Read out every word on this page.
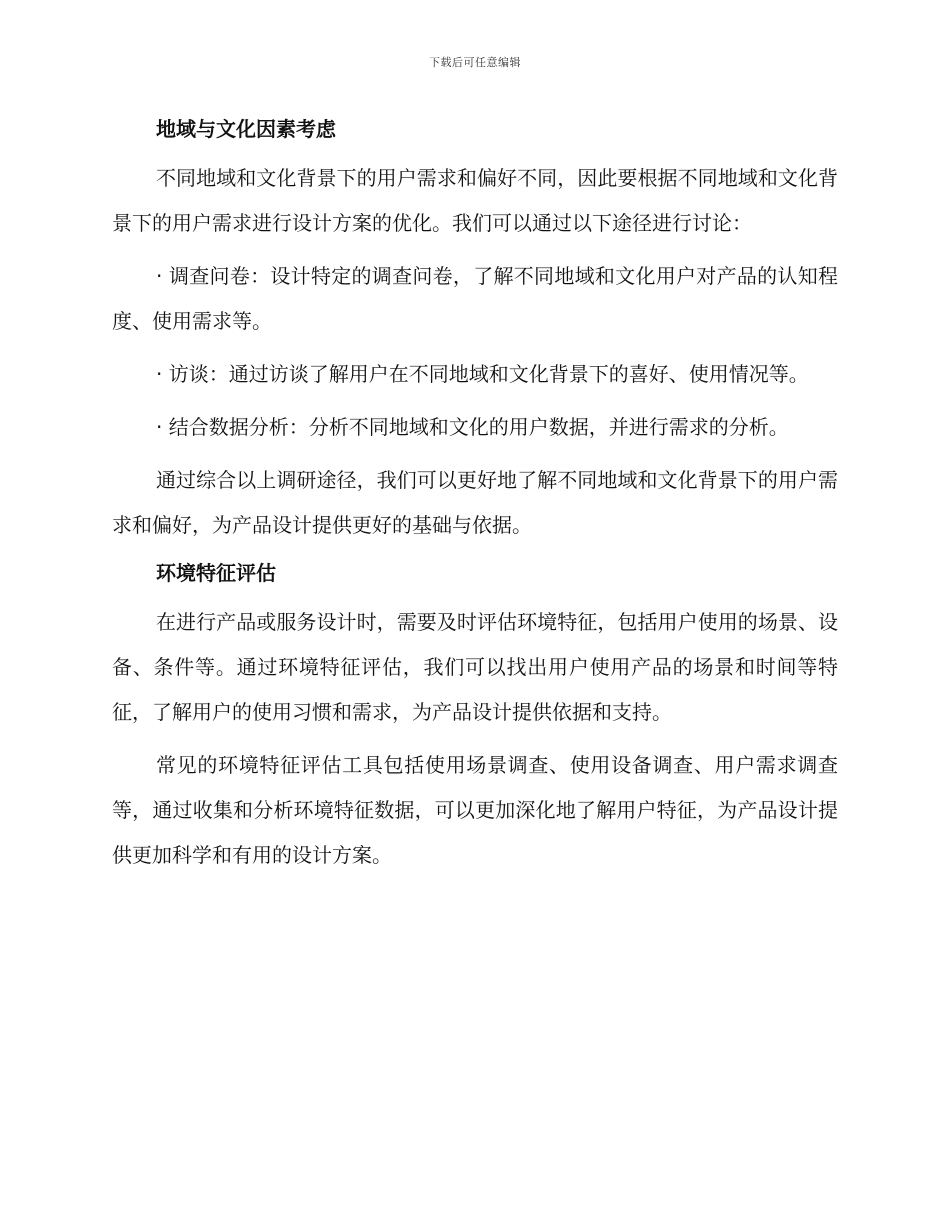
下载后可任意编辑
地域与文化因素考虑

不同地域和文化背景下的用户需求和偏好不同，因此要根据不同地域和文化背景下的用户需求进行设计方案的优化。我们可以通过以下途径进行讨论：

· 调查问卷：设计特定的调查问卷，了解不同地域和文化用户对产品的认知程度、使用需求等。

· 访谈：通过访谈了解用户在不同地域和文化背景下的喜好、使用情况等。

· 结合数据分析：分析不同地域和文化的用户数据，并进行需求的分析。

通过综合以上调研途径，我们可以更好地了解不同地域和文化背景下的用户需求和偏好，为产品设计提供更好的基础与依据。

环境特征评估

在进行产品或服务设计时，需要及时评估环境特征，包括用户使用的场景、设备、条件等。通过环境特征评估，我们可以找出用户使用产品的场景和时间等特征，了解用户的使用习惯和需求，为产品设计提供依据和支持。

常见的环境特征评估工具包括使用场景调查、使用设备调查、用户需求调查等，通过收集和分析环境特征数据，可以更加深化地了解用户特征，为产品设计提供更加科学和有用的设计方案。
